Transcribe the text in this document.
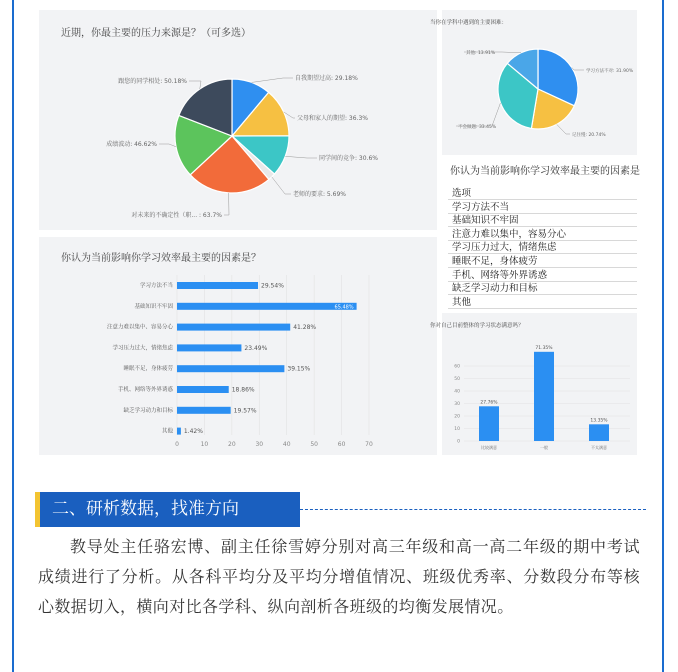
近期，你最主要的压力来源是？（可多选）
自我期望过高: 29.18%
父母和家人的期望: 36.3%
同学间的竞争: 30.6%
老师的要求: 5.69%
对未来的不确定性（职... : 63.7%
成绩波动: 46.62%
跟您的同学相处: 50.18%
你认为当前影响你学习效率最主要的因素是？
0	10	20	30	40	50	60	70
学习方法不当	29.54%
基础知识不牢固	65.48%
注意力难以集中、容易分心	41.28%
学习压力过大，情绪焦虑	23.49%
睡眠不足，身体疲劳	39.15%
手机、网络等外界诱惑	18.86%
缺乏学习动力和目标	19.57%
其他 1.42%
当你在学科中遇到的主要困难：
学习方法不对: 31.90%
记住慢: 20.74%
不会做题: 33.45%
其他: 13.91%
你认为当前影响你学习效率最主要的因素是
选项
学习方法不当
基础知识不牢固
注意力难以集中，容易分心
学习压力过大，情绪焦虑
睡眠不足，身体疲劳
手机、网络等外界诱惑
缺乏学习动力和目标
其他
你对自己目前整体的学习状态满意吗？
0
10
20
30
40
50
60
27.76%
比较满意
71.35%
一般
13.35%
不太满意
二、研析数据，找准方向
教导处主任骆宏博、副主任徐雪婷分别对高三年级和高一高二年级的期中考试成绩进行了分析。从各科平均分及平均分增值情况、班级优秀率、分数段分布等核心数据切入，横向对比各学科、纵向剖析各班级的均衡发展情况。
